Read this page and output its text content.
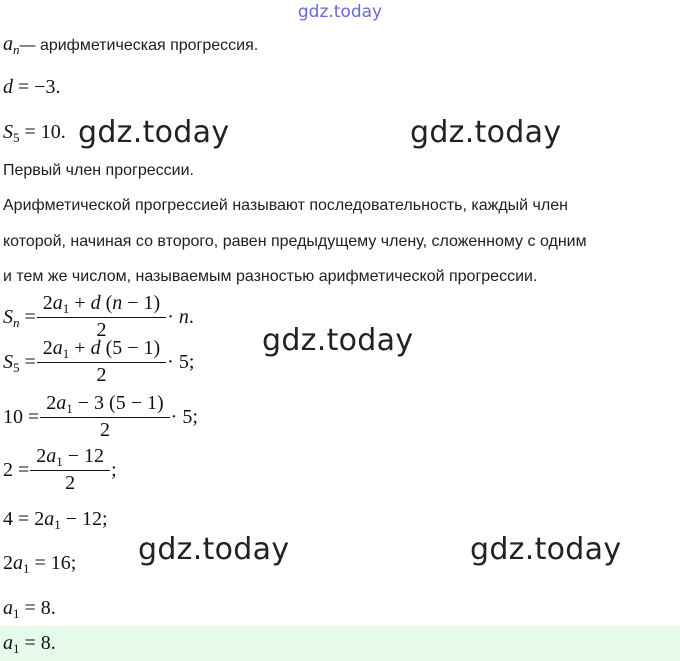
gdz.today
$a_n—$ арифметическая прогрессия.
d = −3.
$S_5 = 10$.
Первый член прогрессии.
Арифметической прогрессией называют последовательность, каждый член
которой, начиная со второго, равен предыдущему члену, сложенному с одним
и тем же числом, называемым разностью арифметической прогрессии.
$S_n = \frac{2a_1 + d (n - 1)}{2} \cdot n$.
$S_5 = \frac{2a_1 + d (5 - 1)}{2} \cdot 5$;
$10 = \frac{2a_1 - 3 (5 - 1)}{2} \cdot 5$;
$2 = \frac{2a_1 - 12}{2}$ ;
$4 = 2a_1 - 12$;
$2a_1 = 16$;
$a_1 = 8$.
$a_1 = 8$.
gdz.today	gdz.today
gdz.today
gdz.today	gdz.today
